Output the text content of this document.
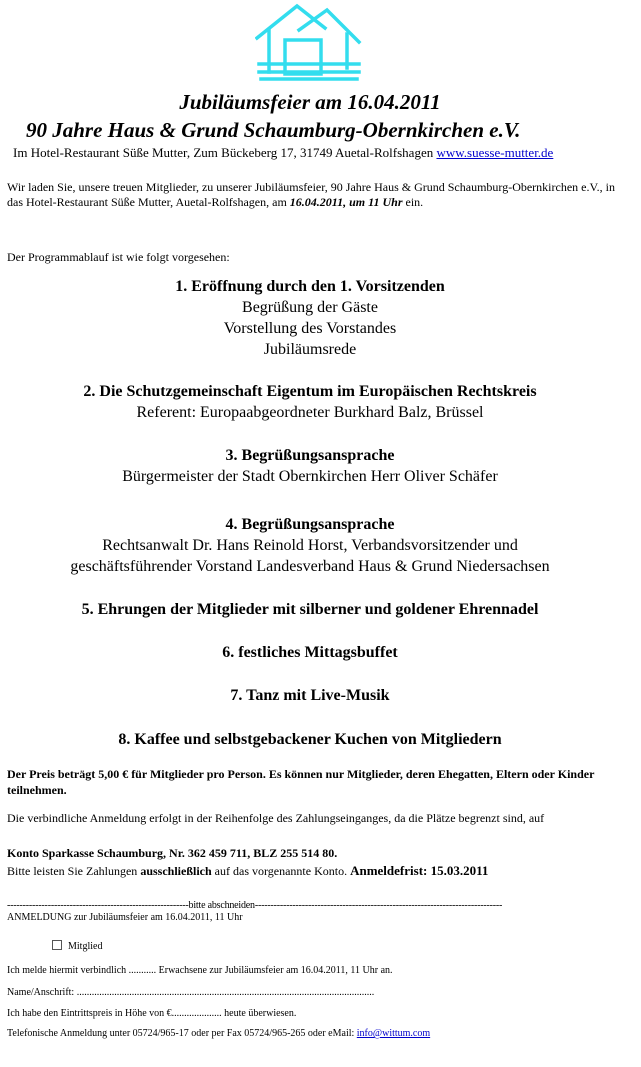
Jubiläumsfeier am 16.04.2011
90 Jahre Haus & Grund Schaumburg-Obernkirchen e.V.
Im Hotel-Restaurant Süße Mutter, Zum Bückeberg 17, 31749 Auetal-Rolfshagen www.suesse-mutter.de
Wir laden Sie, unsere treuen Mitglieder, zu unserer Jubiläumsfeier, 90 Jahre Haus & Grund Schaumburg-Obernkirchen e.V., in das Hotel-Restaurant Süße Mutter, Auetal-Rolfshagen, am 16.04.2011, um 11 Uhr ein.
Der Programmablauf ist wie folgt vorgesehen:
1. Eröffnung durch den 1. Vorsitzenden
Begrüßung der Gäste
Vorstellung des Vorstandes
Jubiläumsrede
2. Die Schutzgemeinschaft Eigentum im Europäischen Rechtskreis
Referent: Europaabgeordneter Burkhard Balz, Brüssel
3. Begrüßungsansprache
Bürgermeister der Stadt Obernkirchen Herr Oliver Schäfer
4. Begrüßungsansprache
Rechtsanwalt Dr. Hans Reinold Horst, Verbandsvorsitzender und
geschäftsführender Vorstand Landesverband Haus & Grund Niedersachsen
5. Ehrungen der Mitglieder mit silberner und goldener Ehrennadel
6. festliches Mittagsbuffet
7. Tanz mit Live-Musik
8. Kaffee und selbstgebackener Kuchen von Mitgliedern
Der Preis beträgt 5,00 € für Mitglieder pro Person. Es können nur Mitglieder, deren Ehegatten, Eltern oder Kinder teilnehmen.
Die verbindliche Anmeldung erfolgt in der Reihenfolge des Zahlungseinganges, da die Plätze begrenzt sind, auf
Konto Sparkasse Schaumburg, Nr. 362 459 711, BLZ 255 514 80.
Bitte leisten Sie Zahlungen ausschließlich auf das vorgenannte Konto. Anmeldefrist: 15.03.2011
----------------------------------------------------------bitte abschneiden-------------------------------------------------------------------------------
ANMELDUNG zur Jubiläumsfeier am 16.04.2011, 11 Uhr
Mitglied
Ich melde hiermit verbindlich ........... Erwachsene zur Jubiläumsfeier am 16.04.2011, 11 Uhr an.
Name/Anschrift: .......................................................................................................................
Ich habe den Eintrittspreis in Höhe von €.................... heute überwiesen.
Telefonische Anmeldung unter 05724/965-17 oder per Fax 05724/965-265 oder eMail: info@wittum.com
